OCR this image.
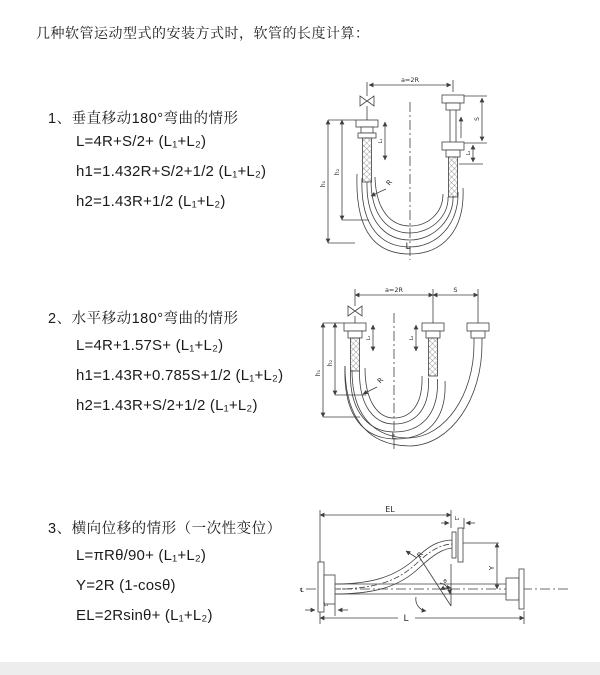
几种软管运动型式的安装方式时，软管的长度计算：
1、垂直移动180°弯曲的情形
L=4R+S/2+ (L₁+L₂)
h1=1.432R+S/2+1/2 (L₁+L₂)
h2=1.43R+1/2 (L₁+L₂)
2、水平移动180°弯曲的情形
L=4R+1.57S+ (L₁+L₂)
h1=1.43R+0.785S+1/2 (L₁+L₂)
h2=1.43R+S/2+1/2 (L₁+L₂)
3、横向位移的情形（一次性变位）
L=πRθ/90+ (L₁+L₂)
Y=2R (1-cosθ)
EL=2Rsinθ+ (L₁+L₂)
a=2R
h₁
h₂
L₁
S
L₂
R
L
a=2R	S
h₁
h₂
L₁	L₂
R
L
℄
EL
L₂
Y
L
L₁
R
θ
